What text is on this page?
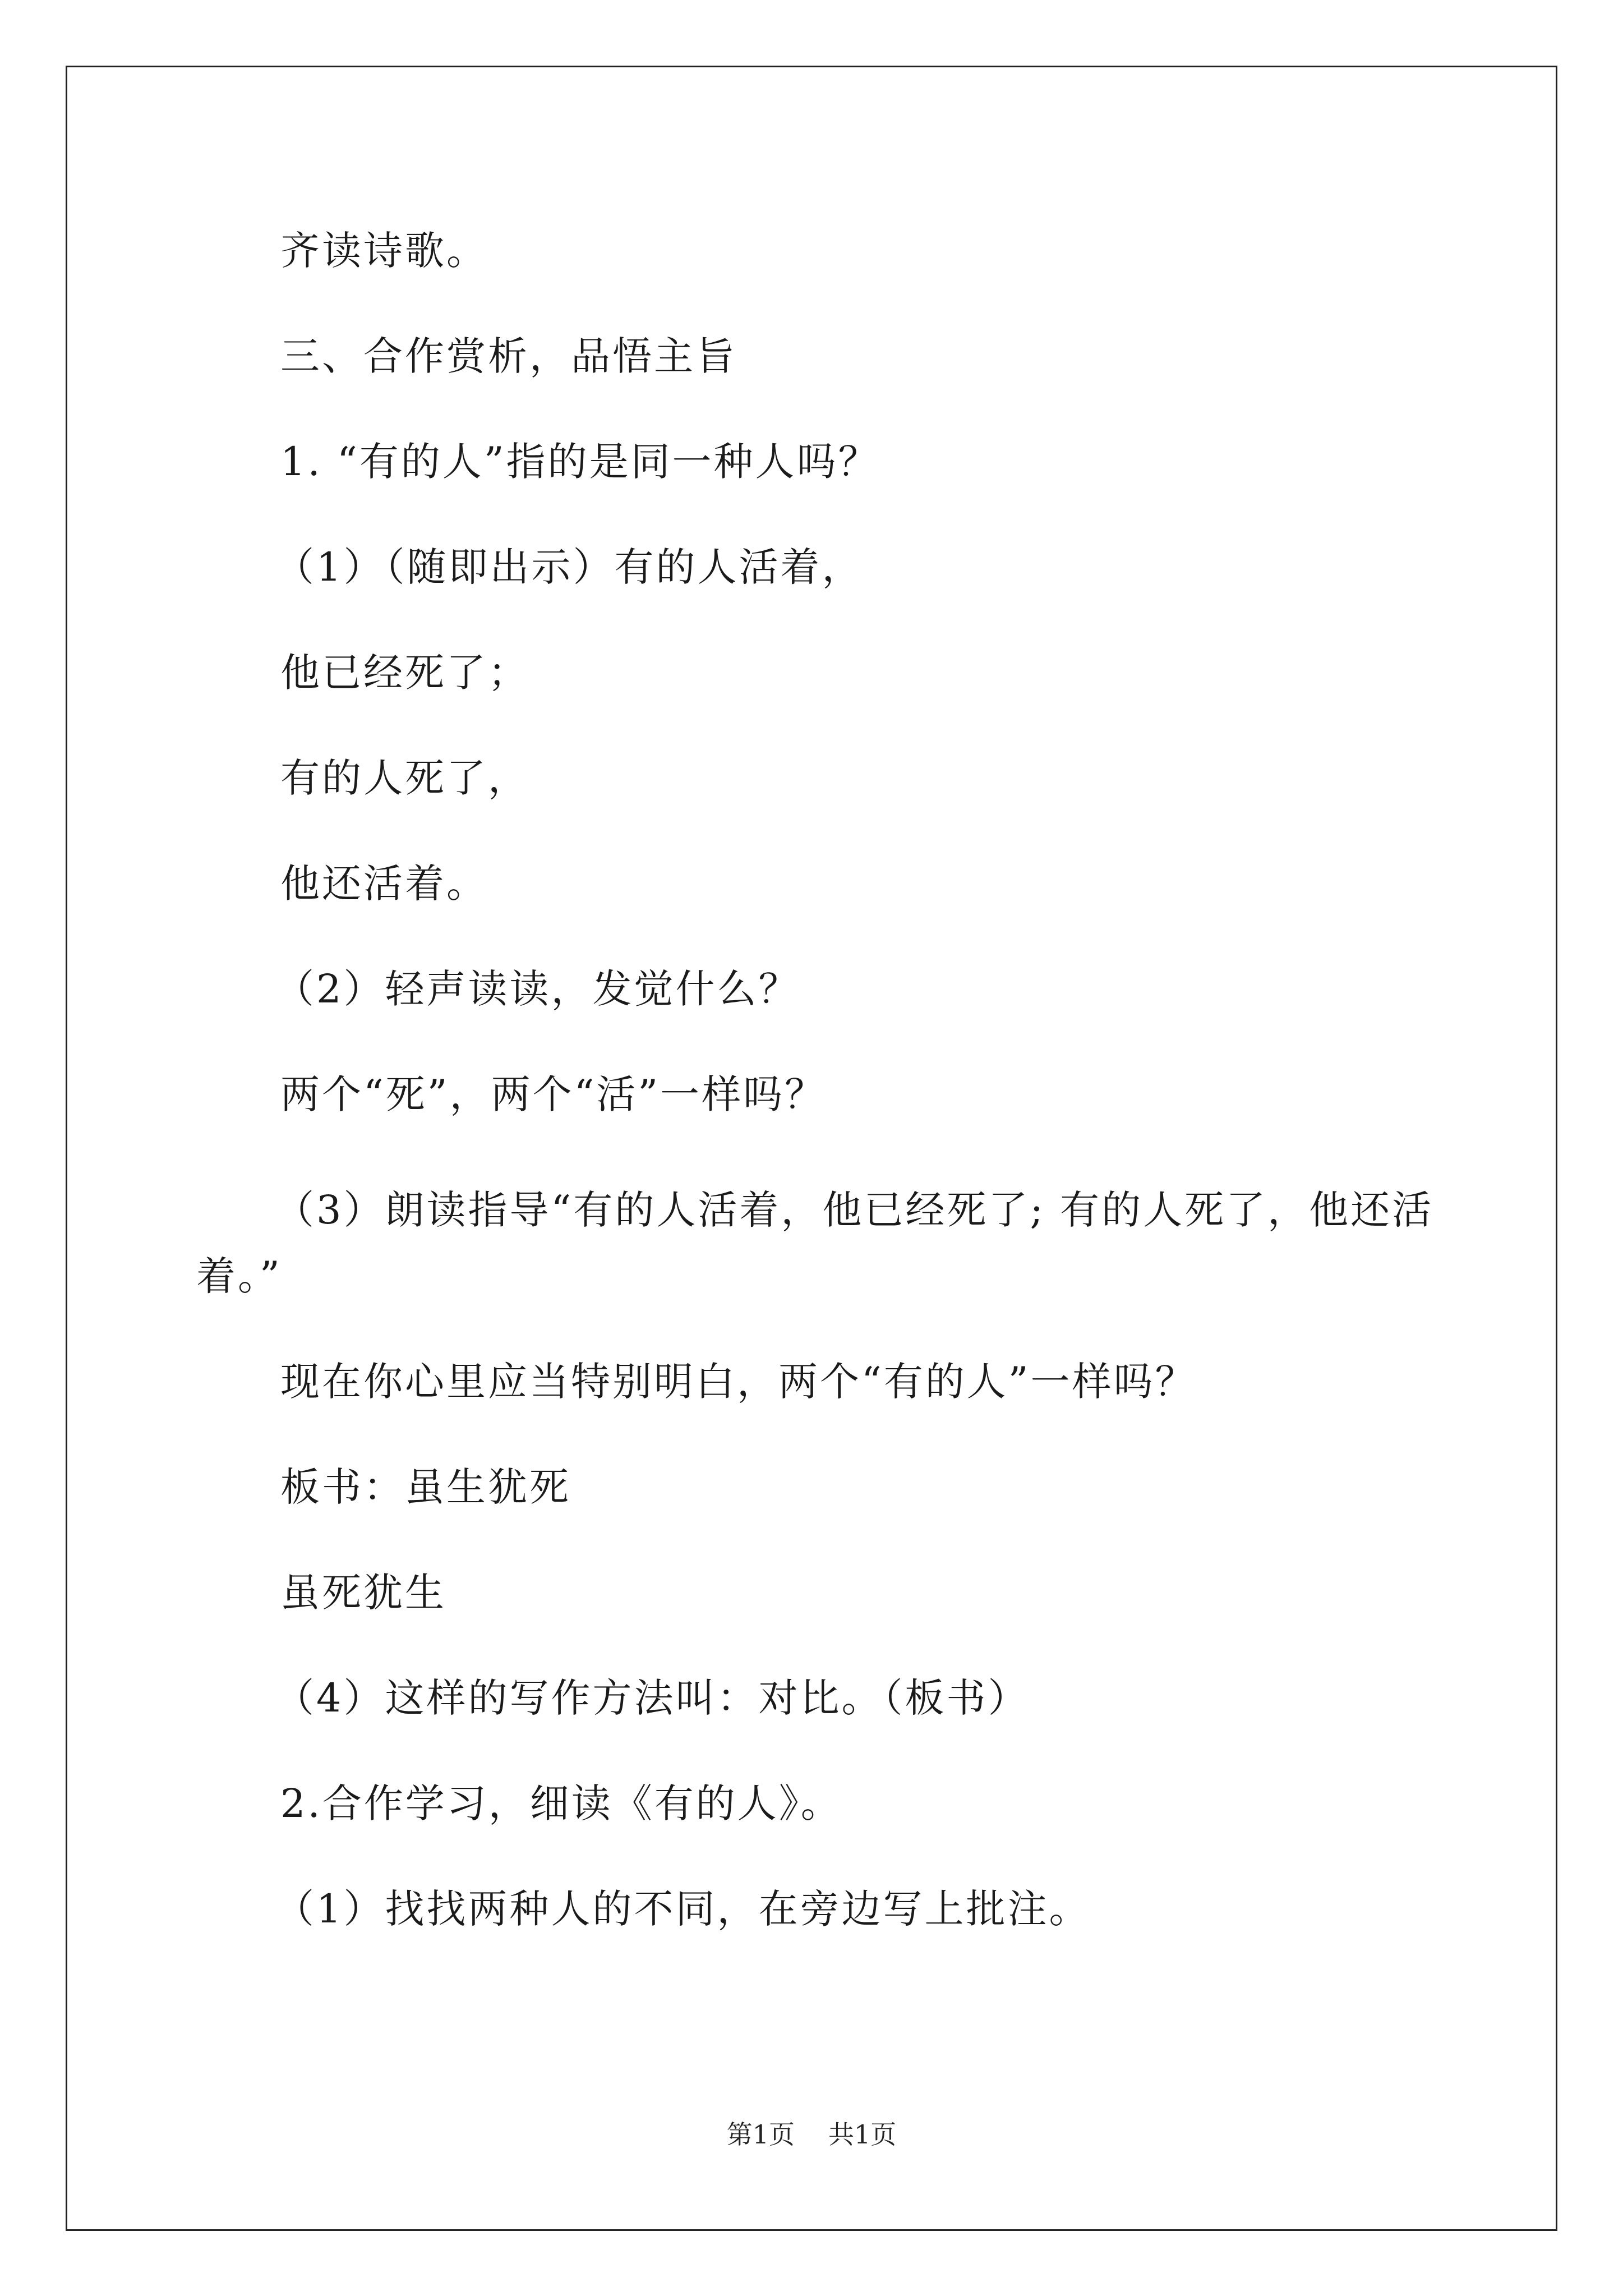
齐读诗歌。
三、合作赏析，品悟主旨
1. “有的人”指的是同一种人吗？
（1）（随即出示）有的人活着，
他已经死了；
有的人死了，
他还活着。
（2）轻声读读，发觉什么？
两个“死”，两个“活”一样吗？
（3）朗读指导“有的人活着，他已经死了; 有的人死了，他还活
着。”
现在你心里应当特别明白，两个“有的人”一样吗？
板书：虽生犹死
虽死犹生
（4）这样的写作方法叫：对比。（板书）
2.合作学习，细读《有的人》。
（1）找找两种人的不同，在旁边写上批注。
第1页 共1页
